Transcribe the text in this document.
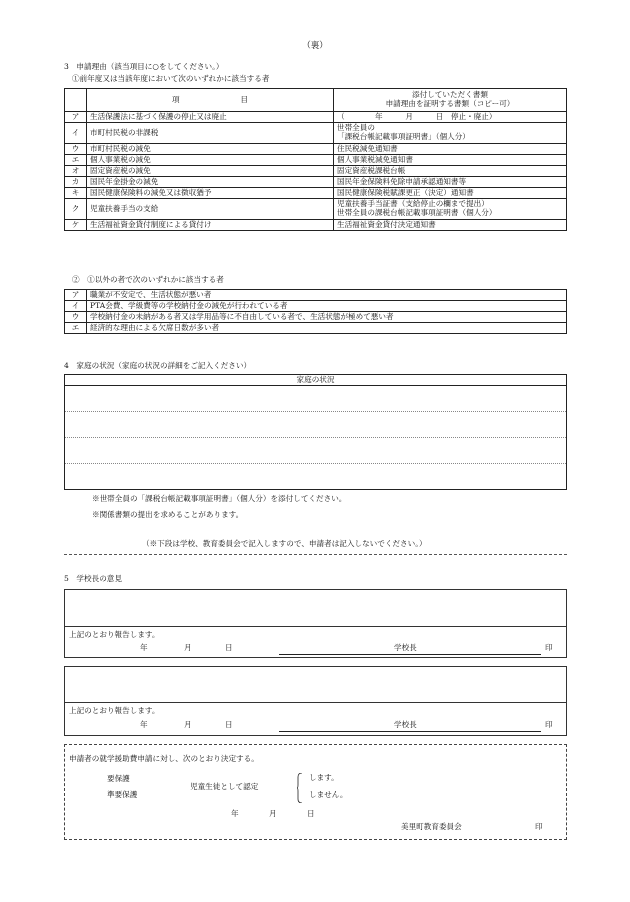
（裏）
3　申請理由（該当項目に○をしてください。）
①前年度又は当該年度において次のいずれかに該当する者
	項　　　　　　　　目	添付していただく書類
申請理由を証明する書類（コピー可）

ア	生活保護法に基づく保護の停止又は廃止	（　　　　年　　　月　　　日　停止・廃止）
イ	市町村民税の非課税	世帯全員の
「課税台帳記載事項証明書」（個人分）

ウ	市町村民税の減免	住民税減免通知書
エ	個人事業税の減免	個人事業税減免通知書
オ	固定資産税の減免	固定資産税課税台帳
カ	国民年金掛金の減免	国民年金保険料免除申請承認通知書等
キ	国民健康保険料の減免又は徴収猶予	国民健康保険税賦課更正（決定）通知書
ク	児童扶養手当の支給	児童扶養手当証書（支給停止の欄まで提出）
世帯全員の課税台帳記載事項証明書（個人分）

ケ	生活福祉資金貸付制度による貸付け	生活福祉資金貸付決定通知書
②　①以外の者で次のいずれかに該当する者
ア	職業が不安定で、生活状態が悪い者
イ	PTA会費、学級費等の学校納付金の減免が行われている者
ウ	学校納付金の未納がある者又は学用品等に不自由している者で、生活状態が極めて悪い者
エ	経済的な理由による欠席日数が多い者
4　家庭の状況（家庭の状況の詳細をご記入ください）
家庭の状況

※世帯全員の「課税台帳記載事項証明書」（個人分）を添付してください。
※関係書類の提出を求めることがあります。
（※下段は学校、教育委員会で記入しますので、申請者は記入しないでください。）
5　学校長の意見
上記のとおり報告します。
年	月	日	学校長	印
上記のとおり報告します。
年	月	日	学校長	印
申請者の就学援助費申請に対し、次のとおり決定する。
要保護
準要保護
児童生徒として認定
します。
しません。
年	月	日
美里町教育委員会	印
